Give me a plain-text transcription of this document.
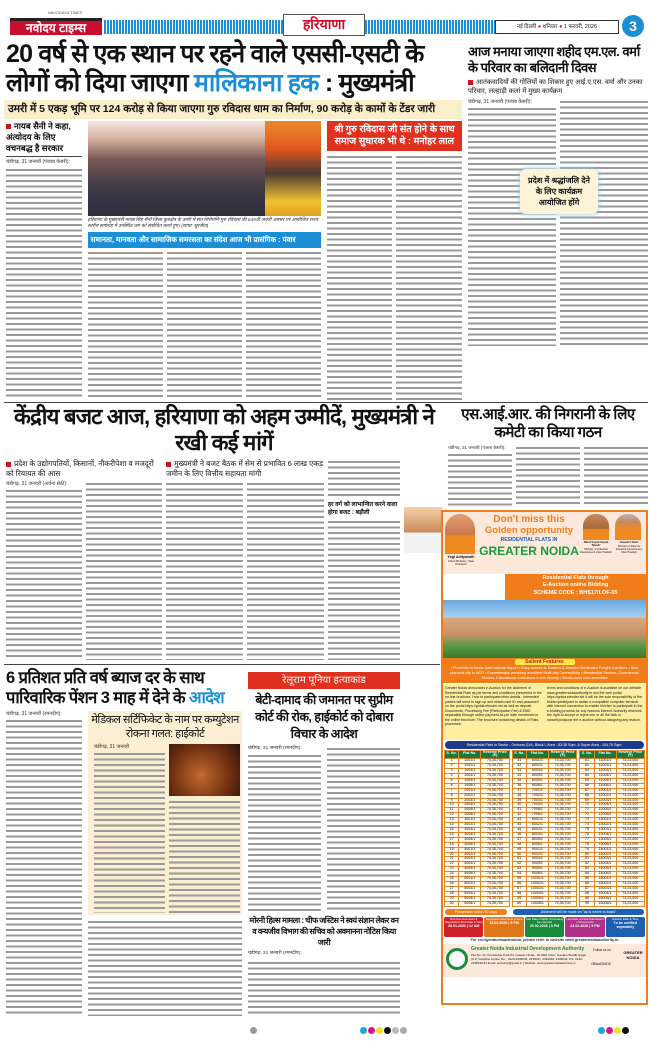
NAVODAYA TIMES
नवोदय टाइम्स	हरियाणा	नई दिल्ली ● शनिवार ● 1 फरवरी, 2026	3
20 वर्ष से एक स्थान पर रहने वाले एससी-एसटी के लोगों को दिया जाएगा मालिकाना हक : मुख्यमंत्री
उमरी में 5 एकड़ भूमि पर 124 करोड़ से किया जाएगा गुरु रविदास धाम का निर्माण, 90 करोड़ के कामों के टेंडर जारी
नायब सैनी ने कहा, अंत्योदय के लिए वचनबद्ध है सरकार
चंडीगढ़, 31 जनवरी (पंजाब केसरी):
हरियाणा के मुख्यमंत्री नायब सिंह सैनी जिला कुरुक्षेत्र के उमरी में संत शिरोमणि गुरु रविदास की 649वीं जयंती अवसर पर आयोजित राज्य स्तरीय समारोह में उपस्थित जन को संबोधित करते हुए। (छाया: सुरजीत)
समानता, मानवता और सामाजिक समरसता का संदेश आज भी प्रासंगिक : पंवार
श्री गुरु रविदास जी संत होने के साथ समाज सुधारक भी थे : मनोहर लाल
आज मनाया जाएगा शहीद एम.एल. वर्मा के परिवार का बलिदानी दिवस
आतंकवादियों की गोलियों का शिकार हुए आई.ए.एस. वर्मा और उनका परिवार, लल्हाड़ी कलां में मुख्य कार्यक्रम
चंडीगढ़, 31 जनवरी (पंजाब केसरी):
प्रदेश में श्रद्धांजलि देने के लिए कार्यक्रम आयोजित होंगे
केंद्रीय बजट आज, हरियाणा को अहम उम्मीदें, मुख्यमंत्री ने रखी कई मांगें
प्रदेश के उद्योगपतियों, किसानों, नौकरीपेशा व मजदूरों को रियायत की आस
चंडीगढ़, 31 जनवरी (अर्चना सेठी):
मुख्यमंत्री ने बजट बैठक में सेम से प्रभावित 6 लाख एकड़ जमीन के लिए वित्तीय सहायता मांगी
हर वर्ग को लाभान्वित करने वाला होगा बजट : बड़ौली
एस.आई.आर. की निगरानी के लिए कमेटी का किया गठन
चंडीगढ़, 31 जनवरी (पंजाब केसरी):
6 प्रतिशत प्रति वर्ष ब्याज दर के साथ पारिवारिक पेंशन 3 माह में देने के आदेश
चंडीगढ़, 31 जनवरी (रमनदीप):	मेडिकल सर्टिफिकेट के नाम पर कम्युटेशन रोकना गलत: हाईकोर्ट
चंडीगढ़, 31 जनवरी
रेलूराम पूनिया हत्याकांड
बेटी-दामाद की जमानत पर सुप्रीम कोर्ट की रोक, हाईकोर्ट को दोबारा विचार के आदेश
चंडीगढ़, 31 जनवरी (रमनदीप):
मोरनी हिल्स मामला : चीफ जस्टिस ने स्वयं संज्ञान लेकर वन व वन्यजीव विभाग की सचिव को अवमानना नोटिस किया जारी
चंडीगढ़, 31 जनवरी (रमनदीप):
Yogi Adityanath
Chief Minister, Uttar Pradesh
Don't miss this
Golden opportunity
RESIDENTIAL FLATS IN
GREATER NOIDA
Nand Gopal Gupta 'Nandi'
Minister of Industrial Development Uttar Pradesh
Jaswant Saini
Minister of State for Industrial Development Uttar Pradesh
Residential Flats through
E-Auction online Bidding
SCHEME CODE : BHS17/LOF-05
Salient Features
• Proximity to Noida International Airport • Easy access to Eastern & Western Dedicated Freight Corridors • Best planned city in NCR • Expressways providing excellent Multi-city Connectivity • Residential Sectors, Commercial Sectors, Educational Institutions in the Vicinity • World-class civic amenities
Greater Noida announces e-Auction for the allotment of Residential Flats as per terms and conditions prescribed in the on-line brochure. How to participate/other details : Interested parties will need to sign up and obtain user ID and password on the portal https://gnida.etender.sbi as well as deposit Documents, Processing Fee (Participation Fee) & EMD separately through online payment as per date mentioned in the online brochure. The brochure containing details of Flats, procedure,
terms and conditions of e-Auction is available on our website www.greaternoidaauthority.in and the web portal https://gnida.etender.sbi It will be the sole responsibility of the bidder/participant to obtain a compatible computer terminal with internet connection to enable him/her to participate in the e-bidding process for any reasons thereof. Authority reserves the right to accept or reject one or all the bids or cancel/postpone the e-auction without assigning any reason.
Residential Flats in Sector - Omicron-01A, Block I, Area - 83.38 Sqm. & Super Area - 104.70 Sqm.
S. No.	Flat No.	Reserve Price (₹)
1	1001/1	74,35,700
2	1002/1	74,35,700
3	1003/1	74,35,700
4	1004/1	74,35,700
5	1005/1	74,35,700
6	1006/1	74,35,700
7	2001/1	74,35,700
8	2002/1	74,35,700
9	2003/1	74,35,700
10	2004/1	74,35,700
11	2005/1	74,35,700
12	2006/1	74,35,700
13	3001/1	74,35,700
14	3002/1	74,35,700
15	3003/1	74,35,700
16	3004/1	74,35,700
17	3005/1	74,35,700
18	3006/1	74,35,700
19	4001/1	74,35,700
20	4002/1	74,35,700
21	4003/1	74,35,700
22	4004/1	74,35,700
23	4005/1	74,35,700
24	4006/1	74,35,700
25	5001/1	74,35,700
26	5002/1	74,35,700
27	5003/1	74,35,700
28	5004/1	74,35,700
29	5005/1	74,35,700
30	5006/1	74,35,700
S. No.	Flat No.	Reserve Price (₹)
31	6001/1	74,35,700
32	6002/1	74,35,700
33	6003/1	74,35,700
34	6004/1	74,35,700
35	6005/1	74,35,700
36	6006/1	74,35,700
37	7001/1	74,35,700
38	7002/1	74,35,700
39	7003/1	74,35,700
40	7004/1	74,35,700
41	7005/1	74,35,700
42	7006/1	74,35,700
43	8001/1	74,35,700
44	8002/1	74,35,700
45	8003/1	74,35,700
46	8004/1	74,35,700
47	8005/1	74,35,700
48	8006/1	74,35,700
49	9001/1	74,35,700
50	9002/1	74,35,700
51	9003/1	74,35,700
52	9004/1	74,35,700
53	9005/1	74,35,700
54	9006/1	74,35,700
55	10001/1	74,35,700
56	10002/1	74,35,700
57	10003/1	74,35,700
58	10004/1	74,35,700
59	10005/1	74,35,700
60	10006/1	74,35,700
S. No.	Flat No.	Reserve Price (₹)
61	11001/1	73,23,000
62	11002/1	73,23,000
63	11003/1	73,23,000
64	11004/1	73,23,000
65	11005/1	73,23,000
66	11006/1	73,23,000
67	12001/1	73,23,000
68	12002/1	73,23,000
69	12003/1	73,23,000
70	12004/1	73,23,000
71	12005/1	73,23,000
72	12006/1	73,23,000
73	13001/1	73,23,000
74	13002/1	73,23,000
75	13003/1	73,23,000
76	13004/1	73,23,000
77	13005/1	73,23,000
78	13006/1	73,23,000
79	14001/1	73,23,000
80	14002/1	73,23,000
81	14003/1	73,23,000
82	14004/1	73,23,000
83	14005/1	73,23,000
84	14006/1	73,23,000
85	15001/1	73,23,000
86	15002/1	73,23,000
87	15003/1	73,23,000
88	15004/1	73,23,000
89	15005/1	73,23,000
90	15006/1	73,23,000
Possession within 30 days	Allotment will be made on "as is where is basis"
Brochure Download & Registration Start Date & Time
28.01.2026 | 12 AM
Registration End Date & Time
18.02.2026 | 5 PM
Last Date of EMD, Processing Fee Deposit
20.02.2026 | 5 PM
Last Date of Final Submission of Documents
23.02.2026 | 5 PM
Eviction Date & Time
To be notified separately
For corrigendum/addendum, please refer to website www.greaternoidaauthority.in
Greater Noida Industrial Development Authority
Plot No. 01, Knowledge Park-04, Greater Noida - 201308, Distt.: Gautam Buddh Nagar (U.P.) Helpline Center No. : 0120-2336046, 2336047, 2336048, 2336049, PIL: 0120-2336030-33 Email: authority@gnida.in | Website: www.greaternoidaauthority.in
Follow us on
OfficialGNIDA
GREATER NOIDA
